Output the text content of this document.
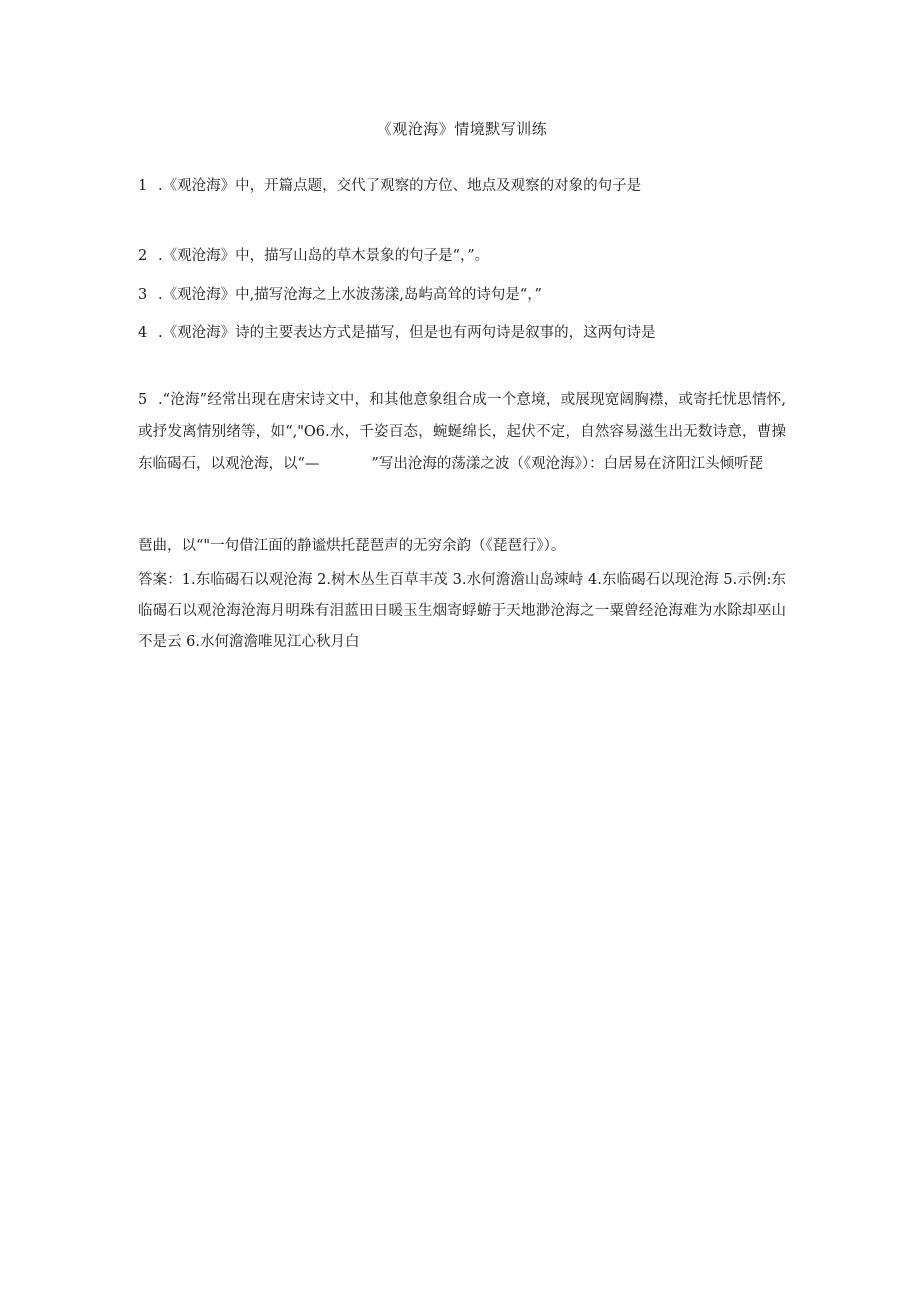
《观沧海》情境默写训练
1 .《观沧海》中，开篇点题，交代了观察的方位、地点及观察的对象的句子是
2 .《观沧海》中，描写山岛的草木景象的句子是“，”。
3 .《观沧海》中,描写沧海之上水波荡漾,岛屿高耸的诗句是“，”
4 .《观沧海》诗的主要表达方式是描写，但是也有两句诗是叙事的，这两句诗是
5 .“沧海”经常出现在唐宋诗文中，和其他意象组合成一个意境，或展现宽阔胸襟，或寄托忧思情怀,或抒发离情别绪等，如“,"O6.水，千姿百态，蜿蜒绵长，起伏不定，自然容易滋生出无数诗意，曹操东临碣石，以观沧海，以“—	”写出沧海的荡漾之波（《观沧海》）：白居易在济阳江头倾听琵
琶曲，以“"一句借江面的静谧烘托琵琶声的无穷余韵（《琵琶行》）。
答案：1.东临碣石以观沧海 2.树木丛生百草丰茂 3.水何澹澹山岛竦峙 4.东临碣石以现沧海 5.示例:东临碣石以观沧海沧海月明珠有泪蓝田日暖玉生烟寄蜉蝣于天地渺沧海之一粟曾经沧海难为水除却巫山不是云 6.水何澹澹唯见江心秋月白
